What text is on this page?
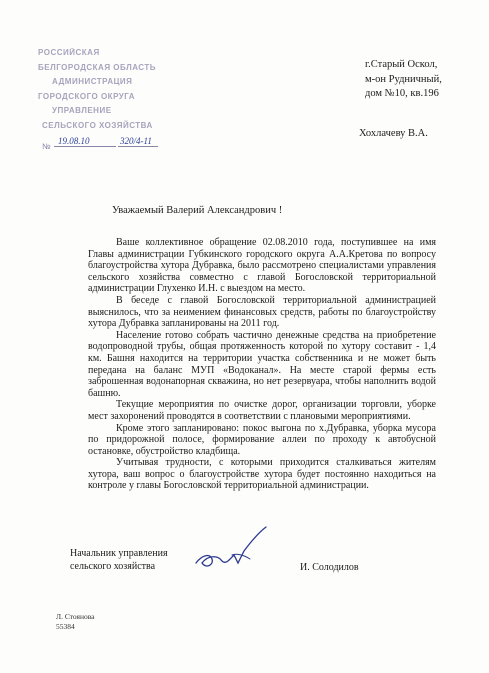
РОССИЙСКАЯ
БЕЛГОРОДСКАЯ ОБЛАСТЬ
АДМИНИСТРАЦИЯ
ГОРОДСКОГО ОКРУГА
УПРАВЛЕНИЕ
СЕЛЬСКОГО ХОЗЯЙСТВА
№
19.08.10	320/4-11
г.Старый Оскол,
м-он Рудничный,
дом №10, кв.196
Хохлачеву В.А.
Уважаемый Валерий Александрович !

Ваше коллективное обращение 02.08.2010 года, поступившее на имя Главы администрации Губкинского городского округа А.А.Кретова по вопросу благоустройства хутора Дубравка, было рассмотрено специалистами управления сельского хозяйства совместно с главой Богословской территориальной администрации Глухенко И.Н. с выездом на место.

В беседе с главой Богословской территориальной администрацией выяснилось, что за неимением финансовых средств, работы по благоустройству хутора Дубравка запланированы на 2011 год.

Население готово собрать частично денежные средства на приобретение водопроводной трубы, общая протяженность которой по хутору составит - 1,4 км. Башня находится на территории участка собственника и не может быть передана на баланс МУП «Водоканал». На месте старой фермы есть заброшенная водонапорная скважина, но нет резервуара, чтобы наполнить водой башню.

Текущие мероприятия по очистке дорог, организации торговли, уборке мест захоронений проводятся в соответствии с плановыми мероприятиями.

Кроме этого запланировано: покос выгона по х.Дубравка, уборка мусора по придорожной полосе, формирование аллеи по проходу к автобусной остановке, обустройство кладбища.

Учитывая трудности, с которыми приходится сталкиваться жителям хутора, ваш вопрос о благоустройстве хутора будет постоянно находиться на контроле у главы Богословской территориальной администрации.

Начальник управления
сельского хозяйства	И. Солодилов
Л. Стоянова
55384
